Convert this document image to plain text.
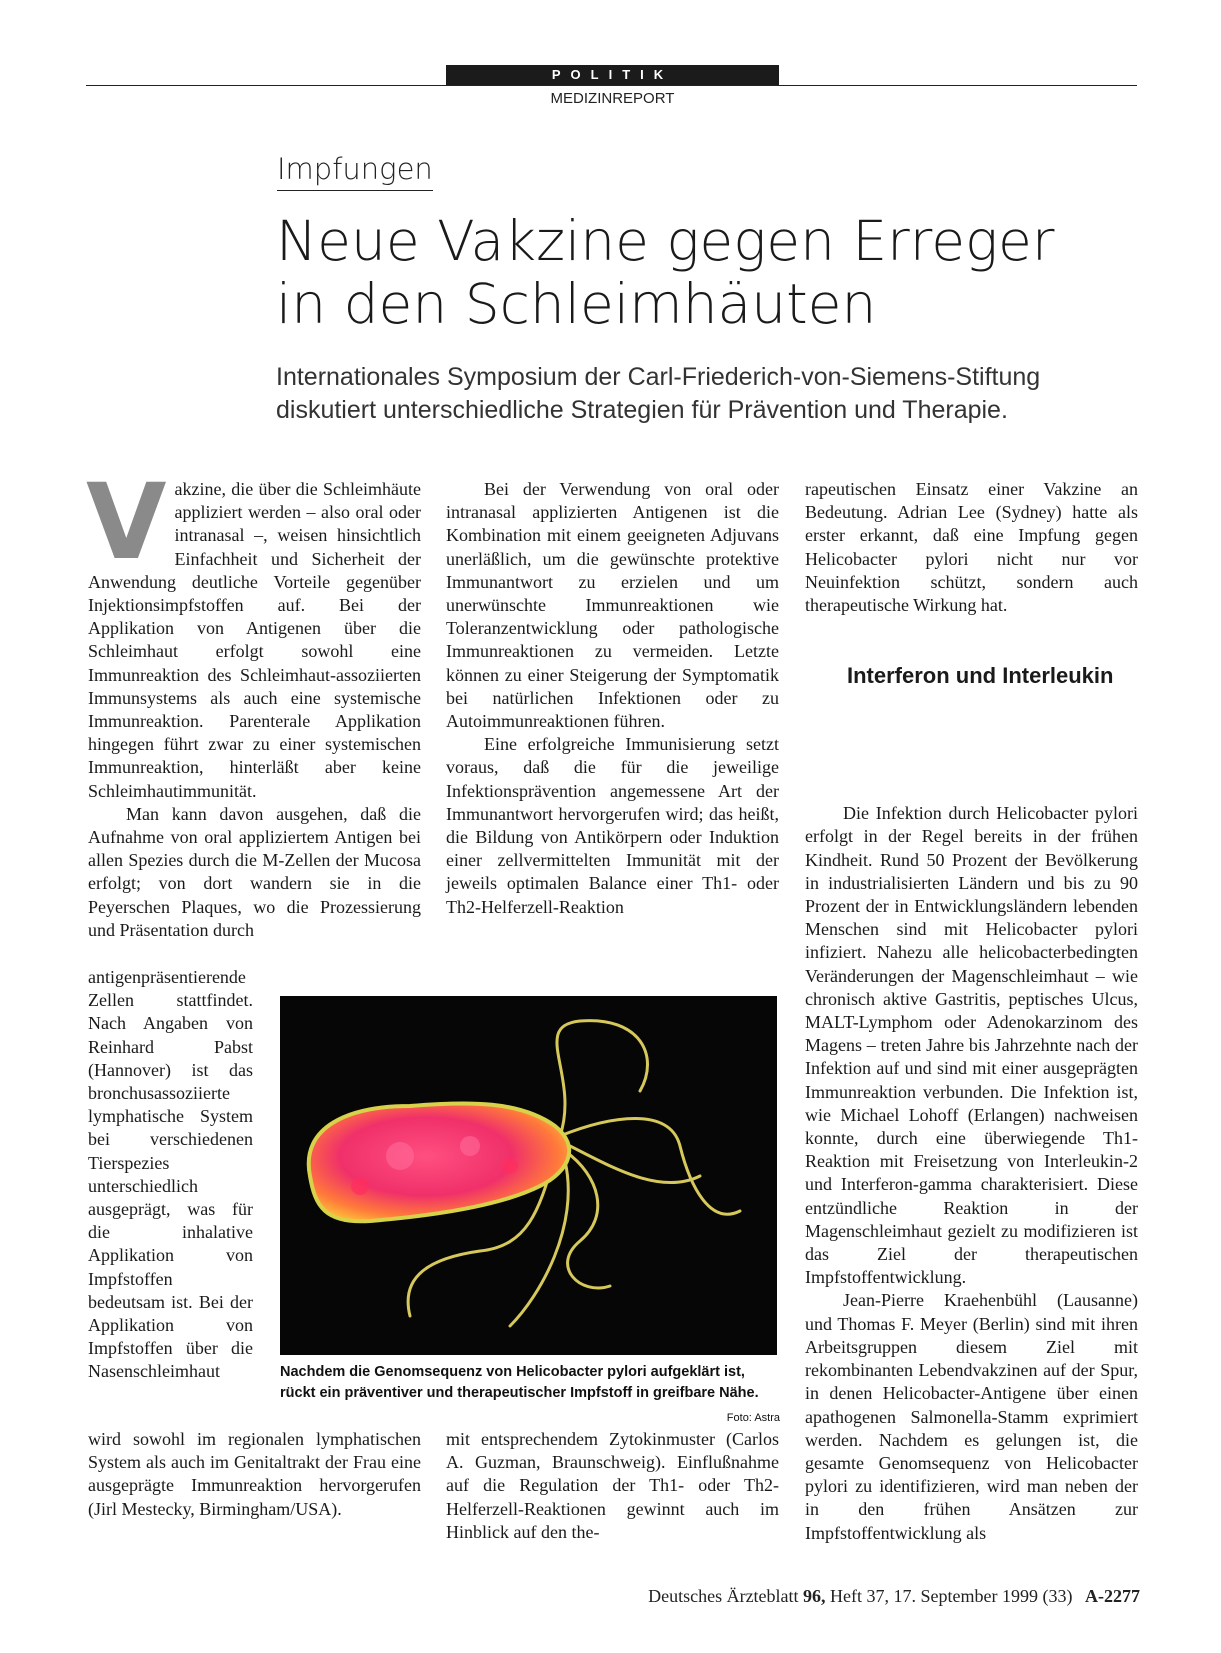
POLITIK
MEDIZINREPORT
Impfungen
Neue Vakzine gegen Erreger
in den Schleimhäuten

Internationales Symposium der Carl-Friederich-von-Siemens-Stiftung
diskutiert unterschiedliche Strategien für Prävention und Therapie.

Vakzine, die über die Schleimhäute appliziert werden – also oral oder intranasal –, weisen hinsichtlich Einfachheit und Sicherheit der Anwendung deutliche Vorteile gegenüber Injektionsimpfstoffen auf. Bei der Applikation von Antigenen über die Schleimhaut erfolgt sowohl eine Immunreaktion des Schleimhaut-assoziierten Immunsystems als auch eine systemische Immunreaktion. Parenterale Applikation hingegen führt zwar zu einer systemischen Immunreaktion, hinterläßt aber keine Schleimhautimmunität.

Man kann davon ausgehen, daß die Aufnahme von oral appliziertem Antigen bei allen Spezies durch die M-Zellen der Mucosa erfolgt; von dort wandern sie in die Peyerschen Plaques, wo die Prozessierung und Präsentation durch

antigenpräsentierende Zellen stattfindet. Nach Angaben von Reinhard Pabst (Hannover) ist das bronchusassoziierte lymphatische System bei verschiedenen Tierspezies unterschiedlich ausgeprägt, was für die inhalative Applikation von Impfstoffen bedeutsam ist. Bei der Applikation von Impfstoffen über die Nasenschleimhaut

wird sowohl im regionalen lymphatischen System als auch im Genitaltrakt der Frau eine ausgeprägte Immunreaktion hervorgerufen (Jirl Mestecky, Birmingham/USA).

Bei der Verwendung von oral oder intranasal applizierten Antigenen ist die Kombination mit einem geeigneten Adjuvans unerläßlich, um die gewünschte protektive Immunantwort zu erzielen und um unerwünschte Immunreaktionen wie Toleranzentwicklung oder pathologische Immunreaktionen zu vermeiden. Letzte können zu einer Steigerung der Symptomatik bei natürlichen Infektionen oder zu Autoimmunreaktionen führen.

Eine erfolgreiche Immunisierung setzt voraus, daß die für die jeweilige Infektionsprävention angemessene Art der Immunantwort hervorgerufen wird; das heißt, die Bildung von Antikörpern oder Induktion einer zellvermittelten Immunität mit der jeweils optimalen Balance einer Th1- oder Th2-Helferzell-Reaktion

mit entsprechendem Zytokinmuster (Carlos A. Guzman, Braunschweig). Einflußnahme auf die Regulation der Th1- oder Th2-Helferzell-Reaktionen gewinnt auch im Hinblick auf den the-

rapeutischen Einsatz einer Vakzine an Bedeutung. Adrian Lee (Sydney) hatte als erster erkannt, daß eine Impfung gegen Helicobacter pylori nicht nur vor Neuinfektion schützt, sondern auch therapeutische Wirkung hat.

Die Infektion durch Helicobacter pylori erfolgt in der Regel bereits in der frühen Kindheit. Rund 50 Prozent der Bevölkerung in industrialisierten Ländern und bis zu 90 Prozent der in Entwicklungsländern lebenden Menschen sind mit Helicobacter pylori infiziert. Nahezu alle helicobacterbedingten Veränderungen der Magenschleimhaut – wie chronisch aktive Gastritis, peptisches Ulcus, MALT-Lymphom oder Adenokarzinom des Magens – treten Jahre bis Jahrzehnte nach der Infektion auf und sind mit einer ausgeprägten Immunreaktion verbunden. Die Infektion ist, wie Michael Lohoff (Erlangen) nachweisen konnte, durch eine überwiegende Th1-Reaktion mit Freisetzung von Interleukin-2 und Interferon-gamma charakterisiert. Diese entzündliche Reaktion in der Magenschleimhaut gezielt zu modifizieren ist das Ziel der therapeutischen Impfstoffentwicklung.

Jean-Pierre Kraehenbühl (Lausanne) und Thomas F. Meyer (Berlin) sind mit ihren Arbeitsgruppen diesem Ziel mit rekombinanten Lebendvakzinen auf der Spur, in denen Helicobacter-Antigene über einen apathogenen Salmonella-Stamm exprimiert werden. Nachdem es gelungen ist, die gesamte Genomsequenz von Helicobacter pylori zu identifizieren, wird man neben der in den frühen Ansätzen zur Impfstoffentwicklung als

Interferon und Interleukin
Nachdem die Genomsequenz von Helicobacter pylori aufgeklärt ist, rückt ein präventiver und therapeutischer Impfstoff in greifbare Nähe.
Foto: Astra
Deutsches Ärzteblatt 96, Heft 37, 17. September 1999 (33) A-2277
